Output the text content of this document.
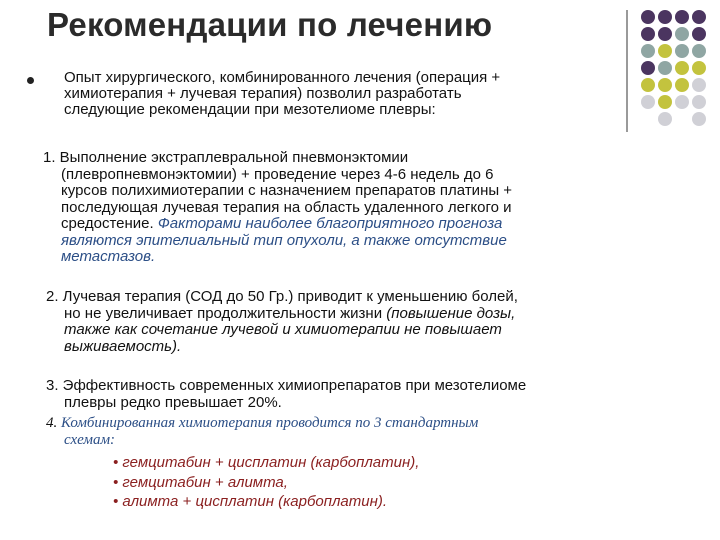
Рекомендации по лечению
Опыт хирургического, комбинированного лечения (операция +
химиотерапия + лучевая терапия) позволил разработать
следующие рекомендации при мезотелиоме плевры:
1. Выполнение экстраплевральной пневмонэктомии
(плевропневмонэктомии) + проведение через 4-6 недель до 6
курсов полихимиотерапии с назначением препаратов платины +
последующая лучевая терапия на область удаленного легкого и
средостение. Факторами наиболее благоприятного прогноза
являются эпителиальный тип опухоли, а также отсутствие
метастазов.
2. Лучевая терапия (СОД до 50 Гр.) приводит к уменьшению болей,
но не увеличивает продолжительности жизни (повышение дозы,
также как сочетание лучевой и химиотерапии не повышает
выживаемость).
3. Эффективность современных химиопрепаратов при мезотелиоме
плевры редко превышает 20%.
4. Комбинированная химиотерапия проводится по 3 стандартным
схемам:
• гемцитабин + цисплатин (карбоплатин),
• гемцитабин + алимта,
• алимта + цисплатин (карбоплатин).
